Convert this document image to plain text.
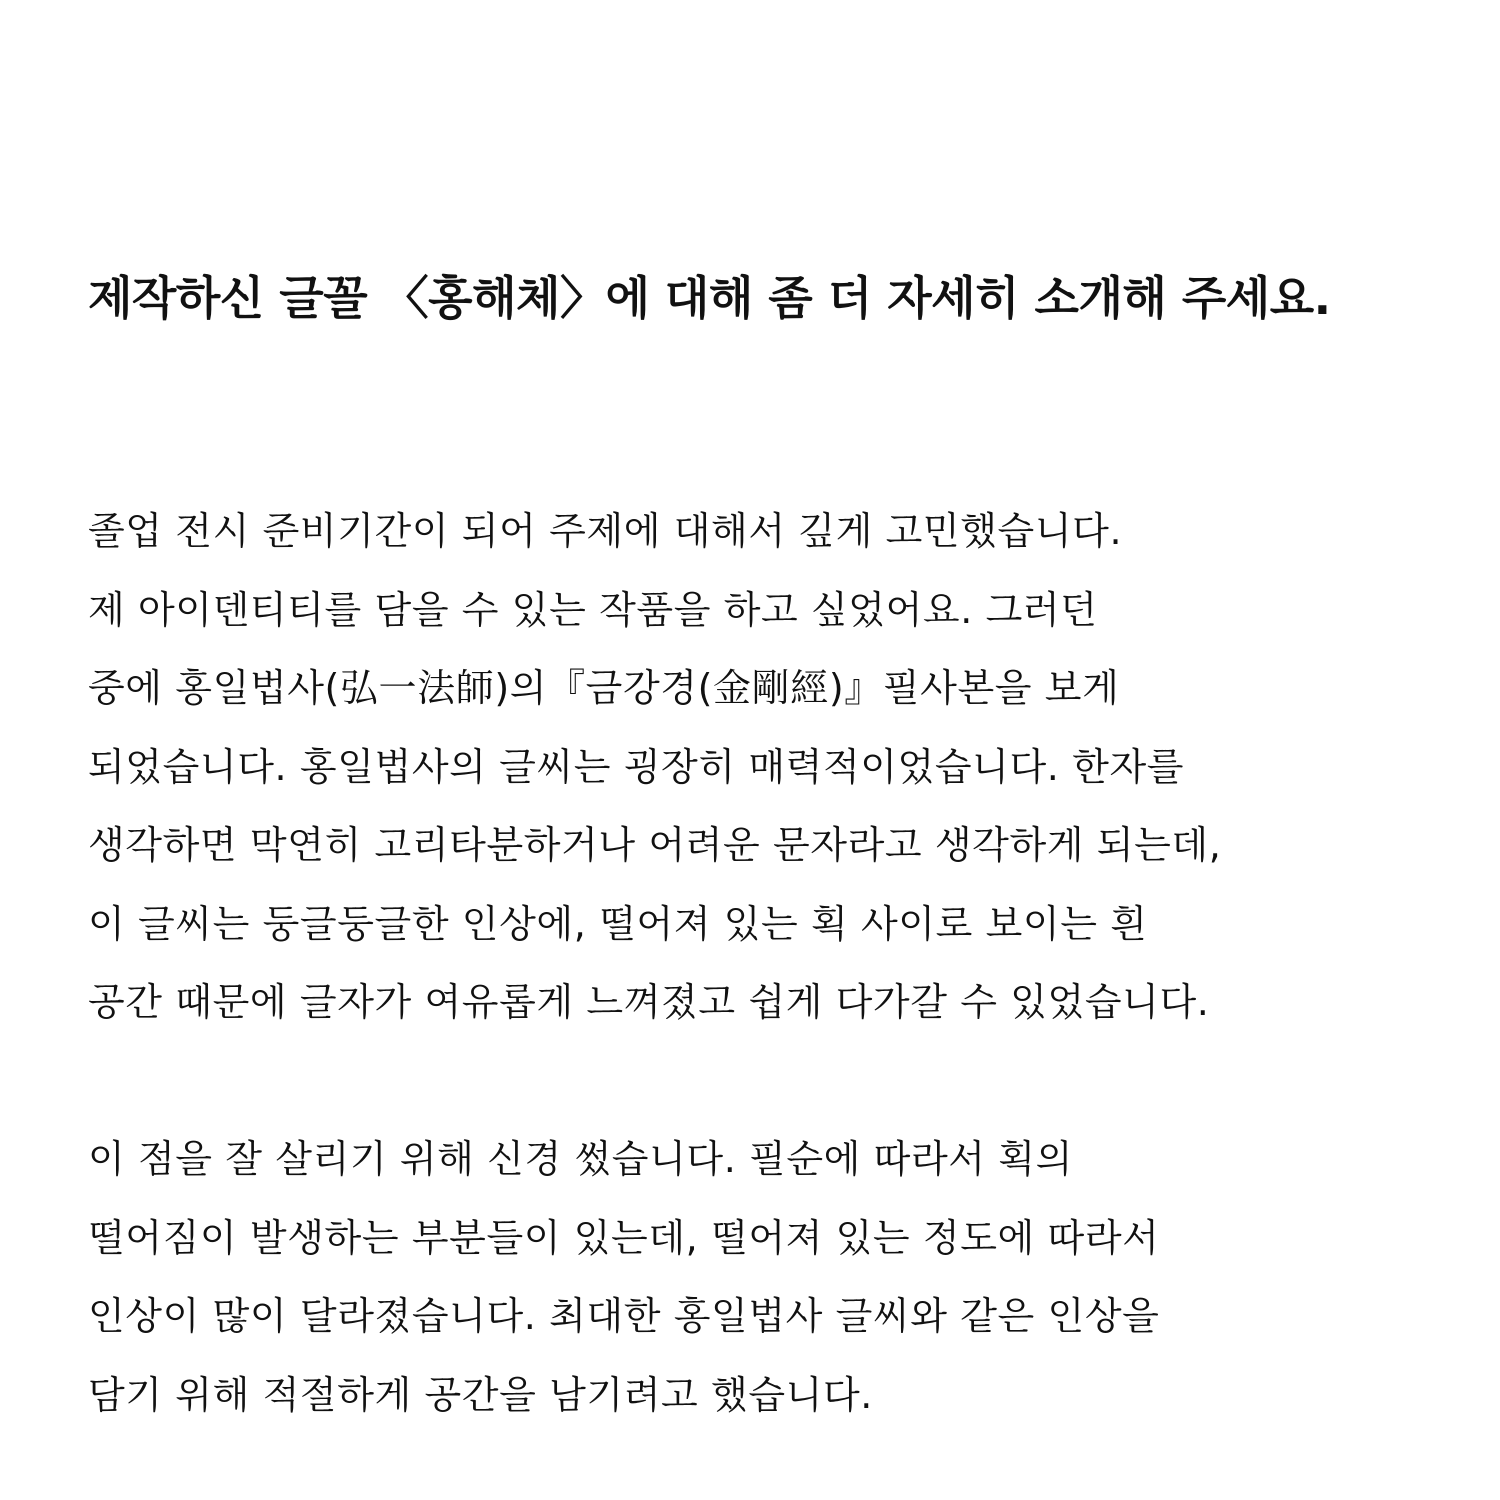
제작하신 글꼴 〈홍해체〉에 대해 좀 더 자세히 소개해 주세요.
졸업 전시 준비기간이 되어 주제에 대해서 깊게 고민했습니다.
제 아이덴티티를 담을 수 있는 작품을 하고 싶었어요. 그러던
중에 홍일법사(弘一法師)의『금강경(金剛經)』필사본을 보게
되었습니다. 홍일법사의 글씨는 굉장히 매력적이었습니다. 한자를
생각하면 막연히 고리타분하거나 어려운 문자라고 생각하게 되는데,
이 글씨는 둥글둥글한 인상에, 떨어져 있는 획 사이로 보이는 흰
공간 때문에 글자가 여유롭게 느껴졌고 쉽게 다가갈 수 있었습니다.
이 점을 잘 살리기 위해 신경 썼습니다. 필순에 따라서 획의
떨어짐이 발생하는 부분들이 있는데, 떨어져 있는 정도에 따라서
인상이 많이 달라졌습니다. 최대한 홍일법사 글씨와 같은 인상을
담기 위해 적절하게 공간을 남기려고 했습니다.
